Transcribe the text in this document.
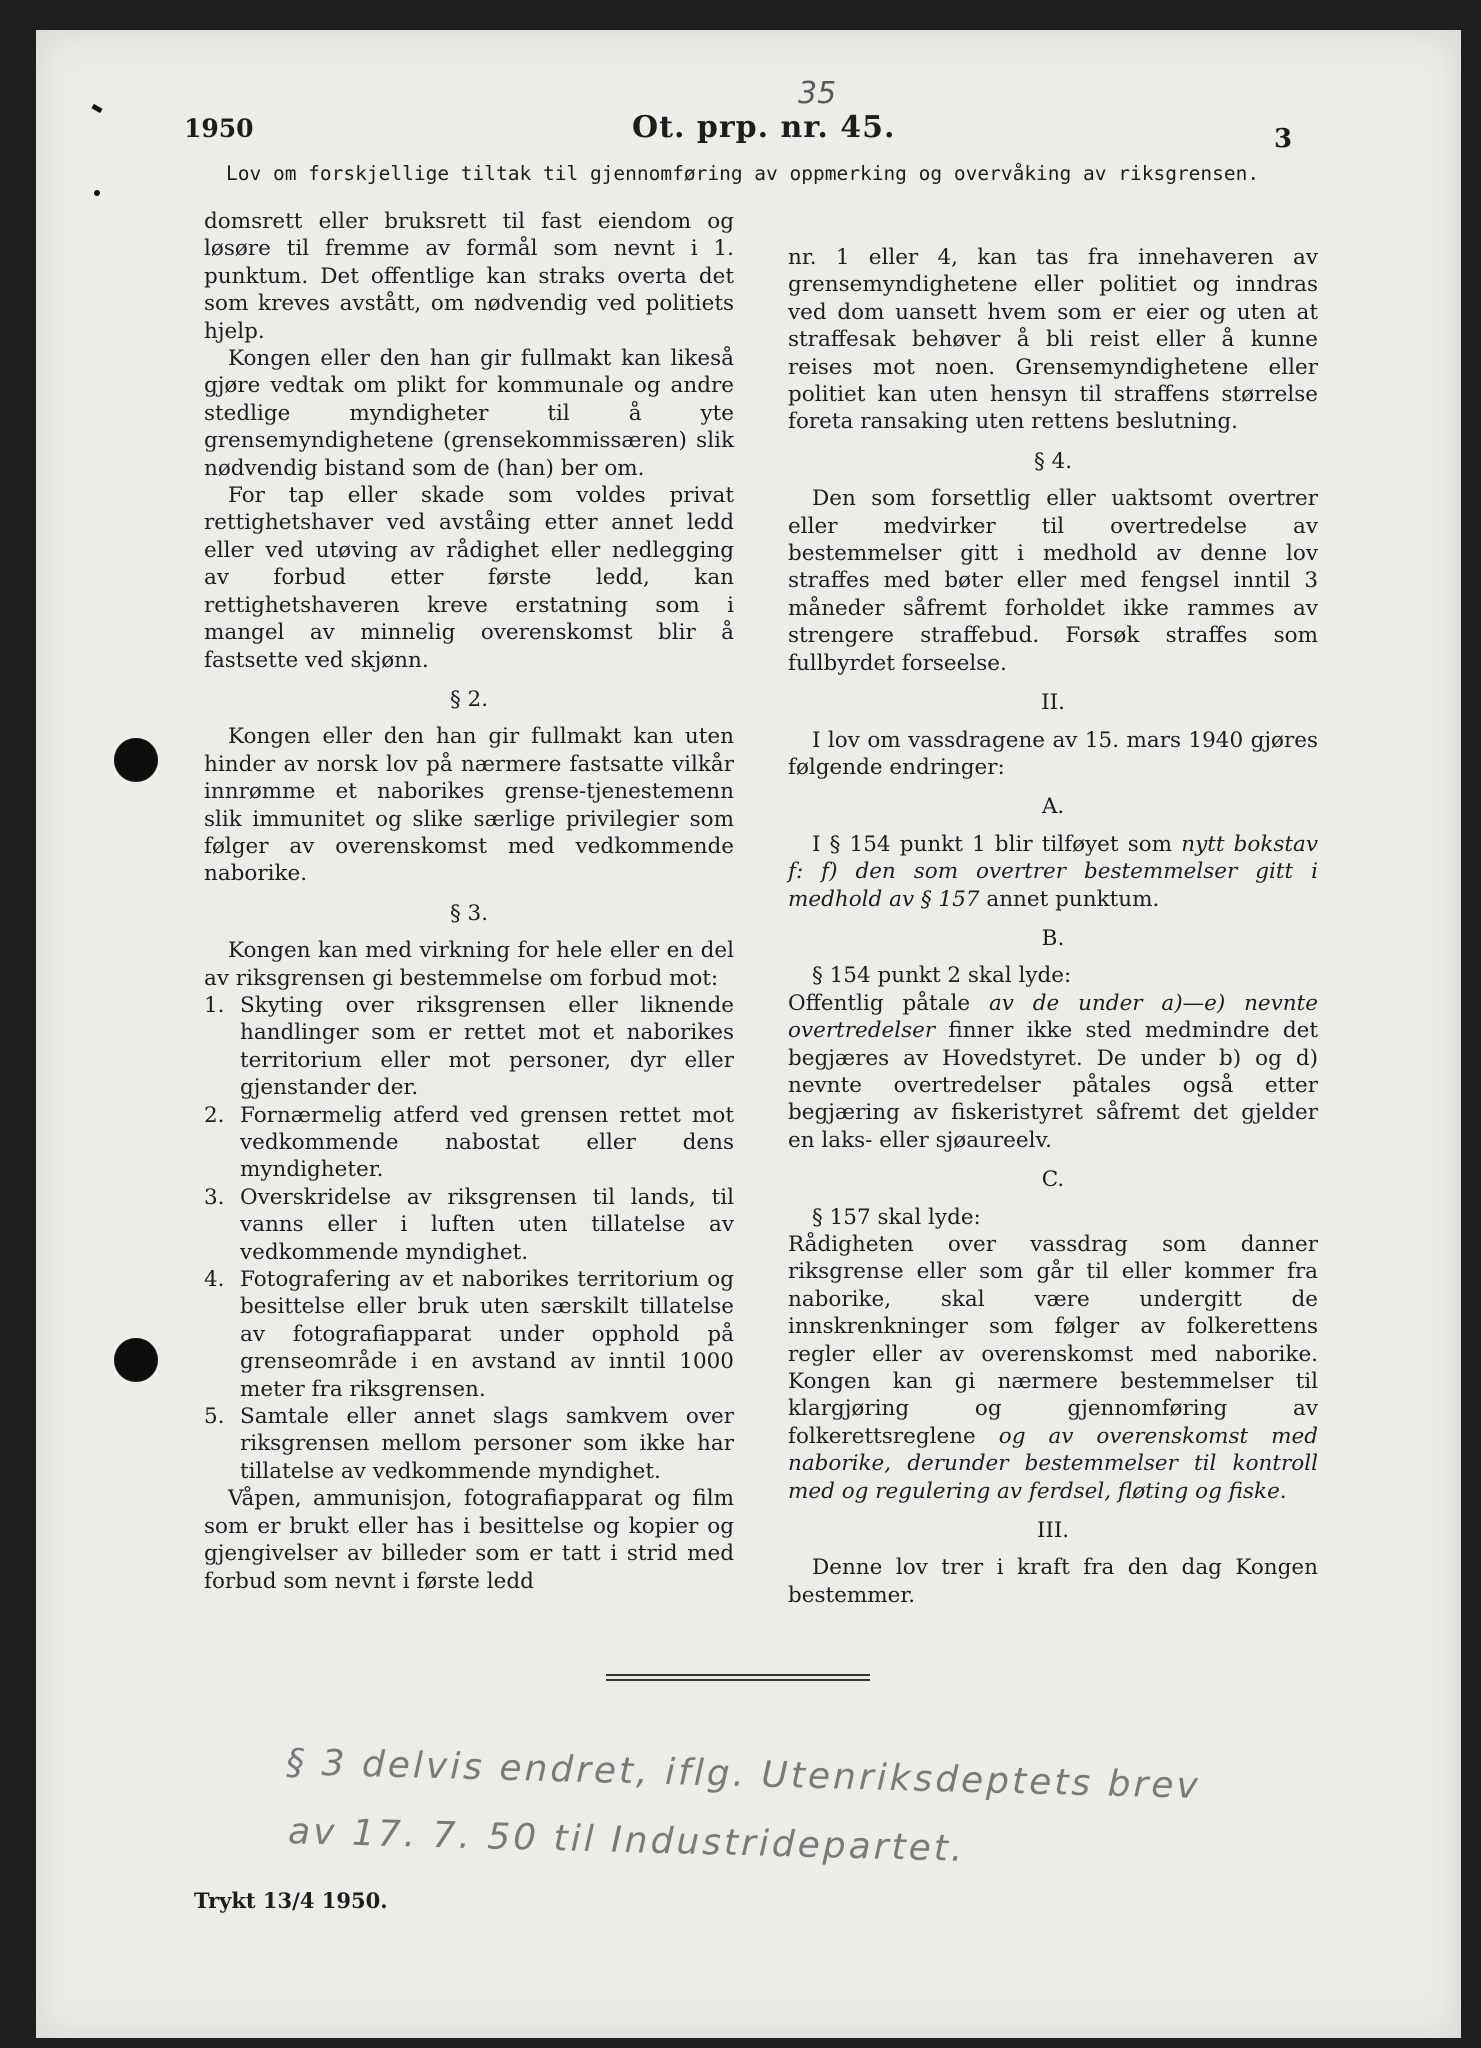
1950
35
Ot. prp. nr. 45.	3
Lov om forskjellige tiltak til gjennomføring av oppmerking og overvåking av riksgrensen.

domsrett eller bruksrett til fast eiendom og løsøre til fremme av formål som nevnt i 1. punktum. Det offentlige kan straks overta det som kreves avstått, om nødvendig ved politiets hjelp.

Kongen eller den han gir fullmakt kan likeså gjøre vedtak om plikt for kommunale og andre stedlige myndigheter til å yte grensemyndighetene (grensekommissæren) slik nødvendig bistand som de (han) ber om.

For tap eller skade som voldes privat rettighetshaver ved avståing etter annet ledd eller ved utøving av rådighet eller nedlegging av forbud etter første ledd, kan rettighetshaveren kreve erstatning som i mangel av minnelig overenskomst blir å fastsette ved skjønn.

§ 2.

Kongen eller den han gir fullmakt kan uten hinder av norsk lov på nærmere fastsatte vilkår innrømme et naborikes grense-tjenestemenn slik immunitet og slike særlige privilegier som følger av overenskomst med vedkommende naborike.

§ 3.

Kongen kan med virkning for hele eller en del av riksgrensen gi bestemmelse om forbud mot:

1. Skyting over riksgrensen eller liknende handlinger som er rettet mot et naborikes territorium eller mot personer, dyr eller gjenstander der.
2. Fornærmelig atferd ved grensen rettet mot vedkommende nabostat eller dens myndigheter.
3. Overskridelse av riksgrensen til lands, til vanns eller i luften uten tillatelse av vedkommende myndighet.
4. Fotografering av et naborikes territorium og besittelse eller bruk uten særskilt tillatelse av fotografiapparat under opphold på grenseområde i en avstand av inntil 1000 meter fra riksgrensen.
5. Samtale eller annet slags samkvem over riksgrensen mellom personer som ikke har tillatelse av vedkommende myndighet.

Våpen, ammunisjon, fotografiapparat og film som er brukt eller has i besittelse og kopier og gjengivelser av billeder som er tatt i strid med forbud som nevnt i første ledd

nr. 1 eller 4, kan tas fra innehaveren av grensemyndighetene eller politiet og inndras ved dom uansett hvem som er eier og uten at straffesak behøver å bli reist eller å kunne reises mot noen. Grensemyndighetene eller politiet kan uten hensyn til straffens størrelse foreta ransaking uten rettens beslutning.

§ 4.

Den som forsettlig eller uaktsomt overtrer eller medvirker til overtredelse av bestemmelser gitt i medhold av denne lov straffes med bøter eller med fengsel inntil 3 måneder såfremt forholdet ikke rammes av strengere straffebud. Forsøk straffes som fullbyrdet forseelse.

II.

I lov om vassdragene av 15. mars 1940 gjøres følgende endringer:

A.

I § 154 punkt 1 blir tilføyet som nytt bokstav f: f) den som overtrer bestemmelser gitt i medhold av § 157 annet punktum.

B.

§ 154 punkt 2 skal lyde:

Offentlig påtale av de under a)—e) nevnte overtredelser finner ikke sted medmindre det begjæres av Hovedstyret. De under b) og d) nevnte overtredelser påtales også etter begjæring av fiskeristyret såfremt det gjelder en laks- eller sjøaureelv.

C.

§ 157 skal lyde:

Rådigheten over vassdrag som danner riksgrense eller som går til eller kommer fra naborike, skal være undergitt de innskrenkninger som følger av folkerettens regler eller av overenskomst med naborike. Kongen kan gi nærmere bestemmelser til klargjøring og gjennomføring av folkerettsreglene og av overenskomst med naborike, derunder bestemmelser til kontroll med og regulering av ferdsel, fløting og fiske.

III.

Denne lov trer i kraft fra den dag Kongen bestemmer.

§ 3 delvis endret, iflg. Utenriksdeptets brev
av 17. 7. 50 til Industridepartet.
Trykt 13/4 1950.
